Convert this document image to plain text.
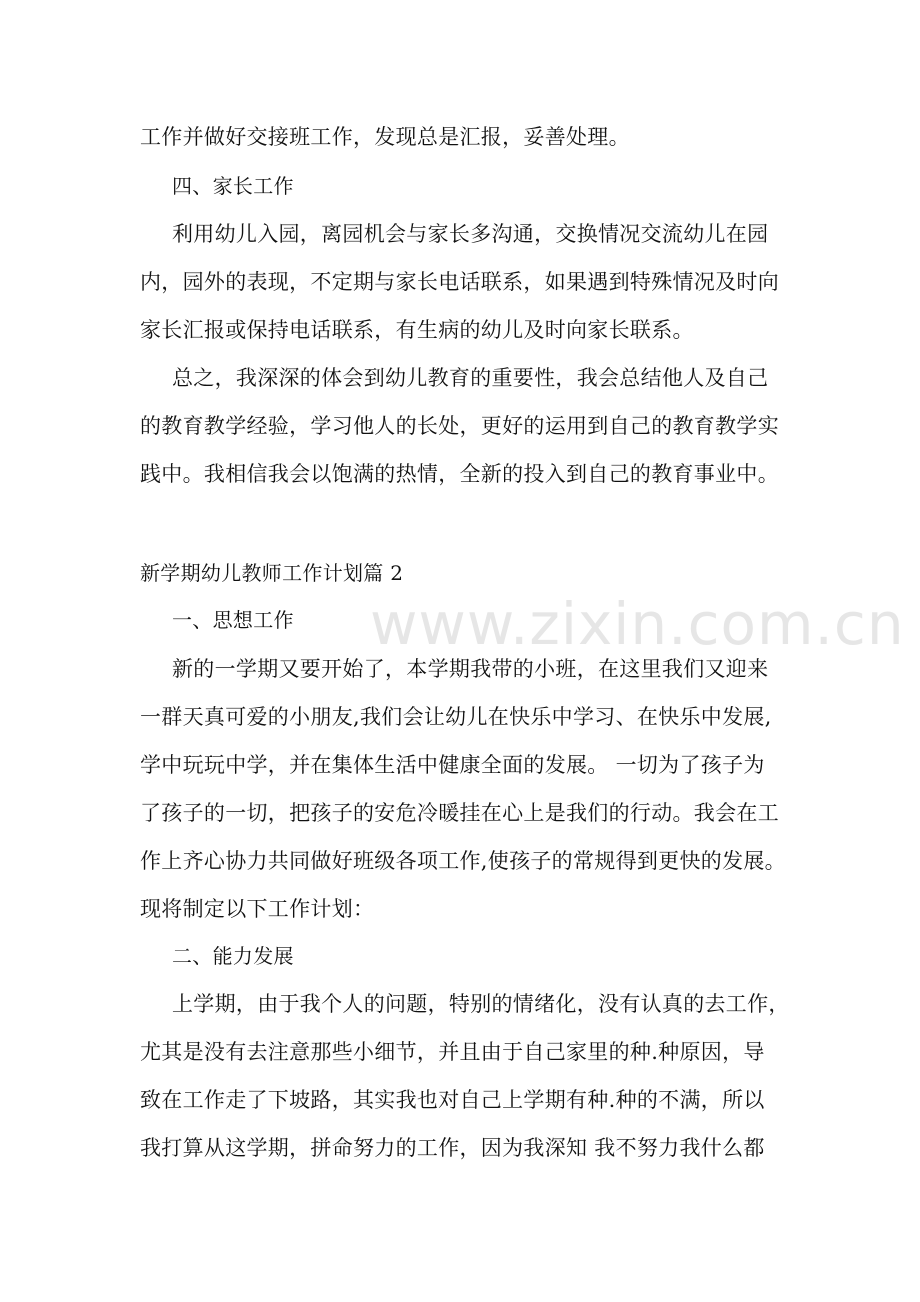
www.zixin.com.cn
工作并做好交接班工作，发现总是汇报，妥善处理。
四、家长工作
利用幼儿入园，离园机会与家长多沟通，交换情况交流幼儿在园
内，园外的表现，不定期与家长电话联系，如果遇到特殊情况及时向
家长汇报或保持电话联系，有生病的幼儿及时向家长联系。
总之，我深深的体会到幼儿教育的重要性，我会总结他人及自己
的教育教学经验，学习他人的长处，更好的运用到自己的教育教学实
践中。我相信我会以饱满的热情，全新的投入到自己的教育事业中。
新学期幼儿教师工作计划篇 2
一、思想工作
新的一学期又要开始了，本学期我带的小班，在这里我们又迎来
一群天真可爱的小朋友,我们会让幼儿在快乐中学习、在快乐中发展,
学中玩玩中学，并在集体生活中健康全面的发展。 一切为了孩子为
了孩子的一切，把孩子的安危冷暖挂在心上是我们的行动。我会在工
作上齐心协力共同做好班级各项工作,使孩子的常规得到更快的发展。
现将制定以下工作计划：
二、能力发展
上学期，由于我个人的问题，特别的情绪化，没有认真的去工作，
尤其是没有去注意那些小细节，并且由于自己家里的种.种原因，导
致在工作走了下坡路，其实我也对自己上学期有种.种的不满，所以
我打算从这学期，拼命努力的工作，因为我深知 我不努力我什么都
